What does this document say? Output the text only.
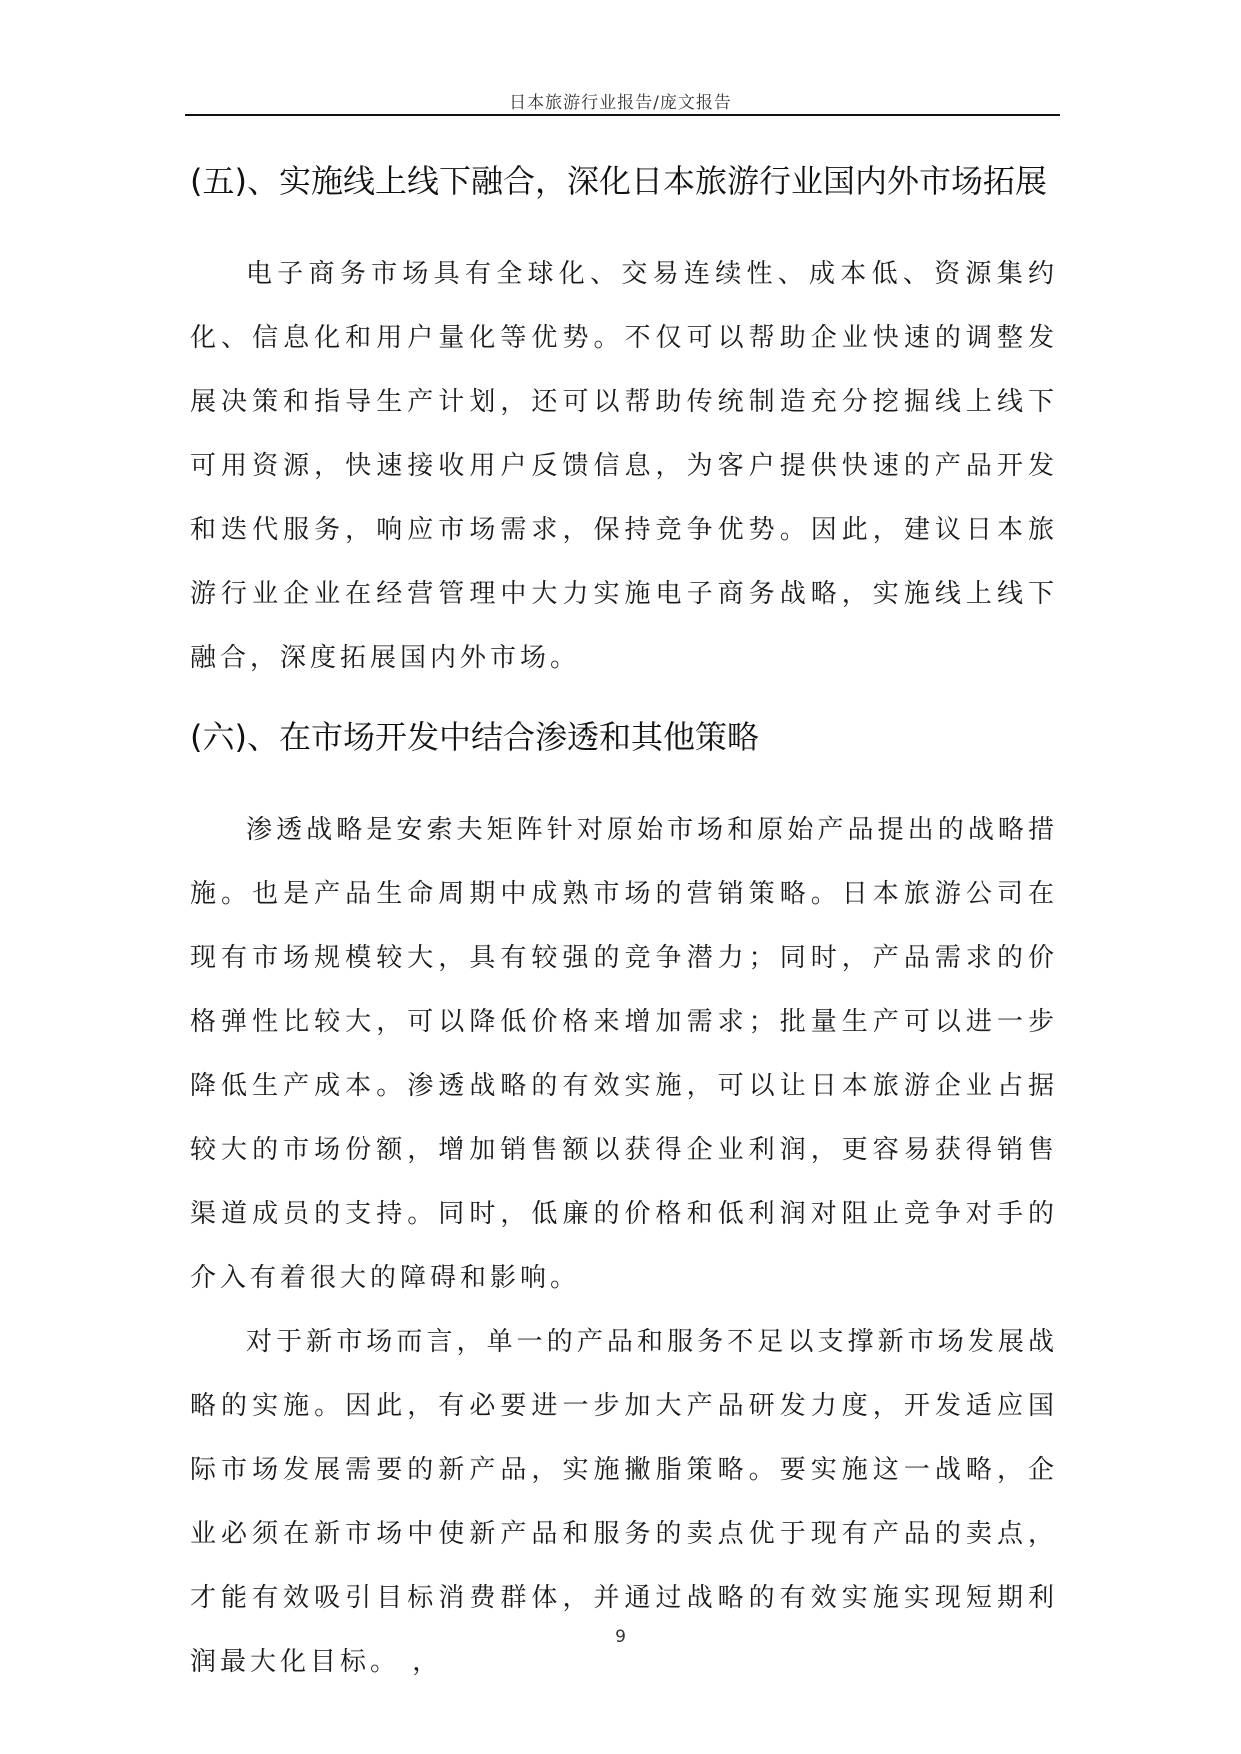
日本旅游行业报告/庞文报告
(五)、实施线上线下融合，深化日本旅游行业国内外市场拓展

电子商务市场具有全球化、交易连续性、成本低、资源集约化、信息化和用户量化等优势。不仅可以帮助企业快速的调整发展决策和指导生产计划，还可以帮助传统制造充分挖掘线上线下可用资源，快速接收用户反馈信息，为客户提供快速的产品开发和迭代服务，响应市场需求，保持竞争优势。因此，建议日本旅游行业企业在经营管理中大力实施电子商务战略，实施线上线下融合，深度拓展国内外市场。

(六)、在市场开发中结合渗透和其他策略

渗透战略是安索夫矩阵针对原始市场和原始产品提出的战略措施。也是产品生命周期中成熟市场的营销策略。日本旅游公司在现有市场规模较大，具有较强的竞争潜力；同时，产品需求的价格弹性比较大，可以降低价格来增加需求；批量生产可以进一步降低生产成本。渗透战略的有效实施，可以让日本旅游企业占据较大的市场份额，增加销售额以获得企业利润，更容易获得销售渠道成员的支持。同时，低廉的价格和低利润对阻止竞争对手的介入有着很大的障碍和影响。

对于新市场而言，单一的产品和服务不足以支撑新市场发展战略的实施。因此，有必要进一步加大产品研发力度，开发适应国际市场发展需要的新产品，实施撇脂策略。要实施这一战略，企业必须在新市场中使新产品和服务的卖点优于现有产品的卖点，才能有效吸引目标消费群体，并通过战略的有效实施实现短期利润最大化目标。 ，

9
